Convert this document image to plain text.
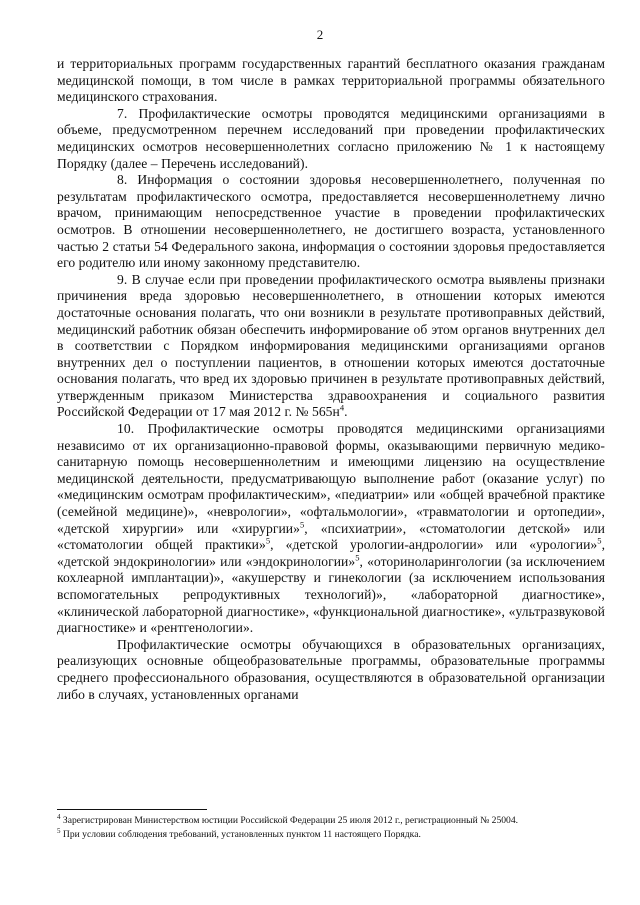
2

и территориальных программ государственных гарантий бесплатного оказания гражданам медицинской помощи, в том числе в рамках территориальной программы обязательного медицинского страхования.

7. Профилактические осмотры проводятся медицинскими организациями в объеме, предусмотренном перечнем исследований при проведении профилактических медицинских осмотров несовершеннолетних согласно приложению № 1 к настоящему Порядку (далее – Перечень исследований).

8. Информация о состоянии здоровья несовершеннолетнего, полученная по результатам профилактического осмотра, предоставляется несовершеннолетнему лично врачом, принимающим непосредственное участие в проведении профилактических осмотров. В отношении несовершеннолетнего, не достигшего возраста, установленного частью 2 статьи 54 Федерального закона, информация о состоянии здоровья предоставляется его родителю или иному законному представителю.

9. В случае если при проведении профилактического осмотра выявлены признаки причинения вреда здоровью несовершеннолетнего, в отношении которых имеются достаточные основания полагать, что они возникли в результате противоправных действий, медицинский работник обязан обеспечить информирование об этом органов внутренних дел в соответствии с Порядком информирования медицинскими организациями органов внутренних дел о поступлении пациентов, в отношении которых имеются достаточные основания полагать, что вред их здоровью причинен в результате противоправных действий, утвержденным приказом Министерства здравоохранения и социального развития Российской Федерации от 17 мая 2012 г. № $565н^4$.

10. Профилактические осмотры проводятся медицинскими организациями независимо от их организационно-правовой формы, оказывающими первичную медико-санитарную помощь несовершеннолетним и имеющими лицензию на осуществление медицинской деятельности, предусматривающую выполнение работ (оказание услуг) по «медицинским осмотрам профилактическим», «педиатрии» или «общей врачебной практике (семейной медицине)», «неврологии», «офтальмологии», «травматологии и ортопедии», «детской хирургии» или «хирургии»$^5$, «психиатрии», «стоматологии детской» или «стоматологии общей практики»$^5$, «детской урологии-андрологии» или «урологии»$^5$, «детской эндокринологии» или «эндокринологии»$^5$, «оториноларингологии (за исключением кохлеарной имплантации)», «акушерству и гинекологии (за исключением использования вспомогательных репродуктивных технологий)», «лабораторной диагностике», «клинической лабораторной диагностике», «функциональной диагностике», «ультразвуковой диагностике» и «рентгенологии».

Профилактические осмотры обучающихся в образовательных организациях, реализующих основные общеобразовательные программы, образовательные программы среднего профессионального образования, осуществляются в образовательной организации либо в случаях, установленных органами

$^4$ Зарегистрирован Министерством юстиции Российской Федерации 25 июля 2012 г., регистрационный № 25004.
$^5$ При условии соблюдения требований, установленных пунктом 11 настоящего Порядка.
